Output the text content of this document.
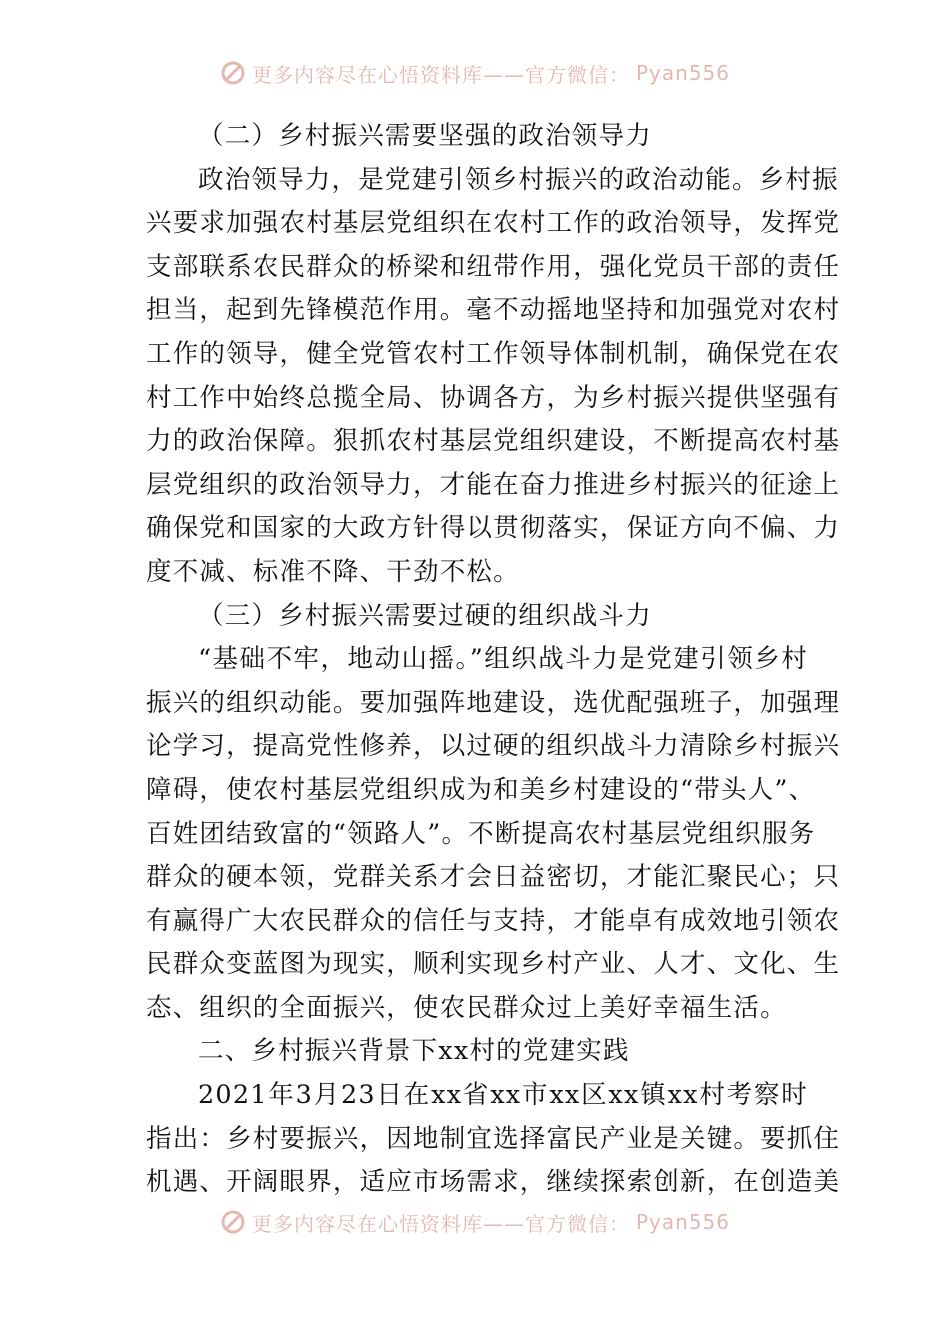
更多内容尽在心悟资料库——官方微信： Pyan556
（二）乡村振兴需要坚强的政治领导力
政治领导力，是党建引领乡村振兴的政治动能。乡村振
兴要求加强农村基层党组织在农村工作的政治领导，发挥党
支部联系农民群众的桥梁和纽带作用，强化党员干部的责任
担当，起到先锋模范作用。毫不动摇地坚持和加强党对农村
工作的领导，健全党管农村工作领导体制机制，确保党在农
村工作中始终总揽全局、协调各方，为乡村振兴提供坚强有
力的政治保障。狠抓农村基层党组织建设，不断提高农村基
层党组织的政治领导力，才能在奋力推进乡村振兴的征途上
确保党和国家的大政方针得以贯彻落实，保证方向不偏、力
度不减、标准不降、干劲不松。
（三）乡村振兴需要过硬的组织战斗力
“基础不牢，地动山摇。”组织战斗力是党建引领乡村
振兴的组织动能。要加强阵地建设，选优配强班子，加强理
论学习，提高党性修养，以过硬的组织战斗力清除乡村振兴
障碍，使农村基层党组织成为和美乡村建设的“带头人”、
百姓团结致富的“领路人”。不断提高农村基层党组织服务
群众的硬本领，党群关系才会日益密切，才能汇聚民心；只
有赢得广大农民群众的信任与支持，才能卓有成效地引领农
民群众变蓝图为现实，顺利实现乡村产业、人才、文化、生
态、组织的全面振兴，使农民群众过上美好幸福生活。
二、乡村振兴背景下xx村的党建实践
2021年3月23日在xx省xx市xx区xx镇xx村考察时
指出：乡村要振兴，因地制宜选择富民产业是关键。要抓住
机遇、开阔眼界，适应市场需求，继续探索创新，在创造美
更多内容尽在心悟资料库——官方微信： Pyan556
